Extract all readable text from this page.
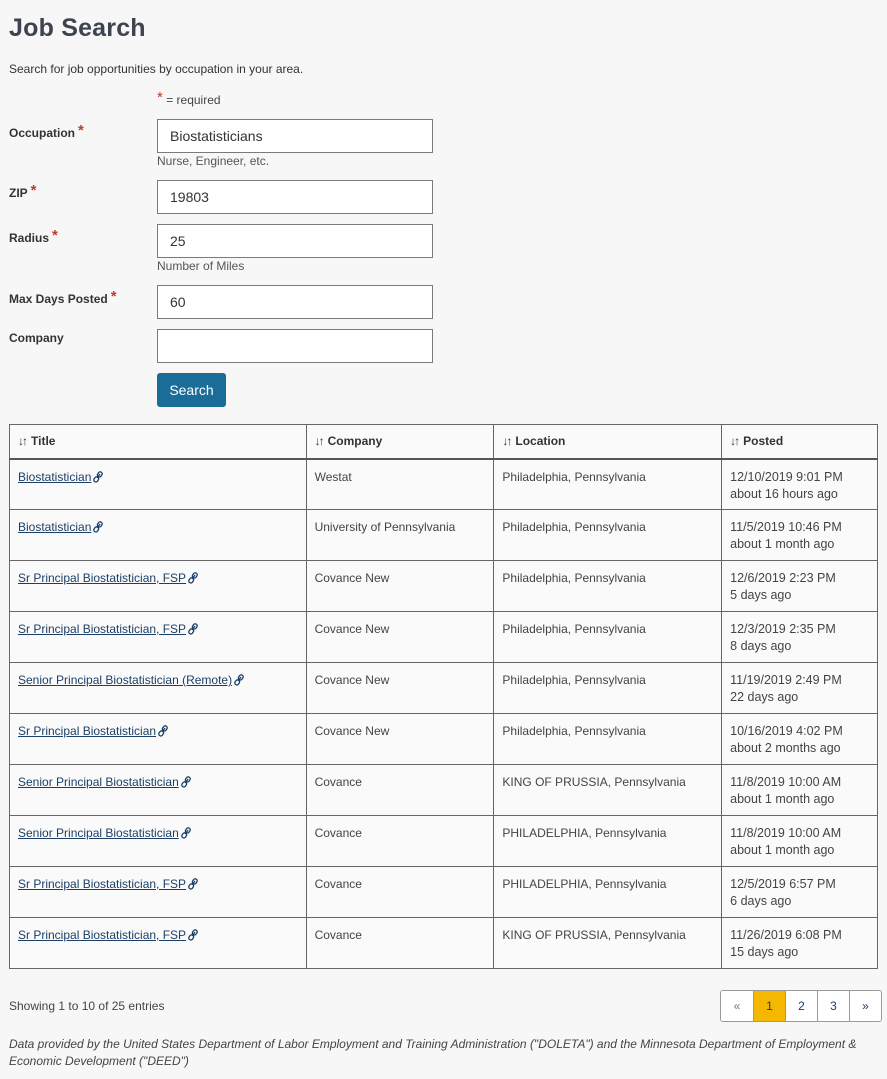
Job Search
Search for job opportunities by occupation in your area.
* = required
Occupation *
Biostatisticians
Nurse, Engineer, etc.
ZIP *
19803
Radius *
25
Number of Miles
Max Days Posted *
60
Company
Search
↓↑ Title	↓↑ Company	↓↑ Location	↓↑ Posted
Biostatistician	Westat	Philadelphia, Pennsylvania	12/10/2019 9:01 PM
about 16 hours ago

Biostatistician	University of Pennsylvania	Philadelphia, Pennsylvania	11/5/2019 10:46 PM
about 1 month ago

Sr Principal Biostatistician, FSP	Covance New	Philadelphia, Pennsylvania	12/6/2019 2:23 PM
5 days ago

Sr Principal Biostatistician, FSP	Covance New	Philadelphia, Pennsylvania	12/3/2019 2:35 PM
8 days ago

Senior Principal Biostatistician (Remote)	Covance New	Philadelphia, Pennsylvania	11/19/2019 2:49 PM
22 days ago

Sr Principal Biostatistician	Covance New	Philadelphia, Pennsylvania	10/16/2019 4:02 PM
about 2 months ago

Senior Principal Biostatistician	Covance	KING OF PRUSSIA, Pennsylvania	11/8/2019 10:00 AM
about 1 month ago

Senior Principal Biostatistician	Covance	PHILADELPHIA, Pennsylvania	11/8/2019 10:00 AM
about 1 month ago

Sr Principal Biostatistician, FSP	Covance	PHILADELPHIA, Pennsylvania	12/5/2019 6:57 PM
6 days ago

Sr Principal Biostatistician, FSP	Covance	KING OF PRUSSIA, Pennsylvania	11/26/2019 6:08 PM
15 days ago
Showing 1 to 10 of 25 entries	«	1	2	3	»
Data provided by the United States Department of Labor Employment and Training Administration ("DOLETA") and the Minnesota Department of Employment & Economic Development ("DEED")
